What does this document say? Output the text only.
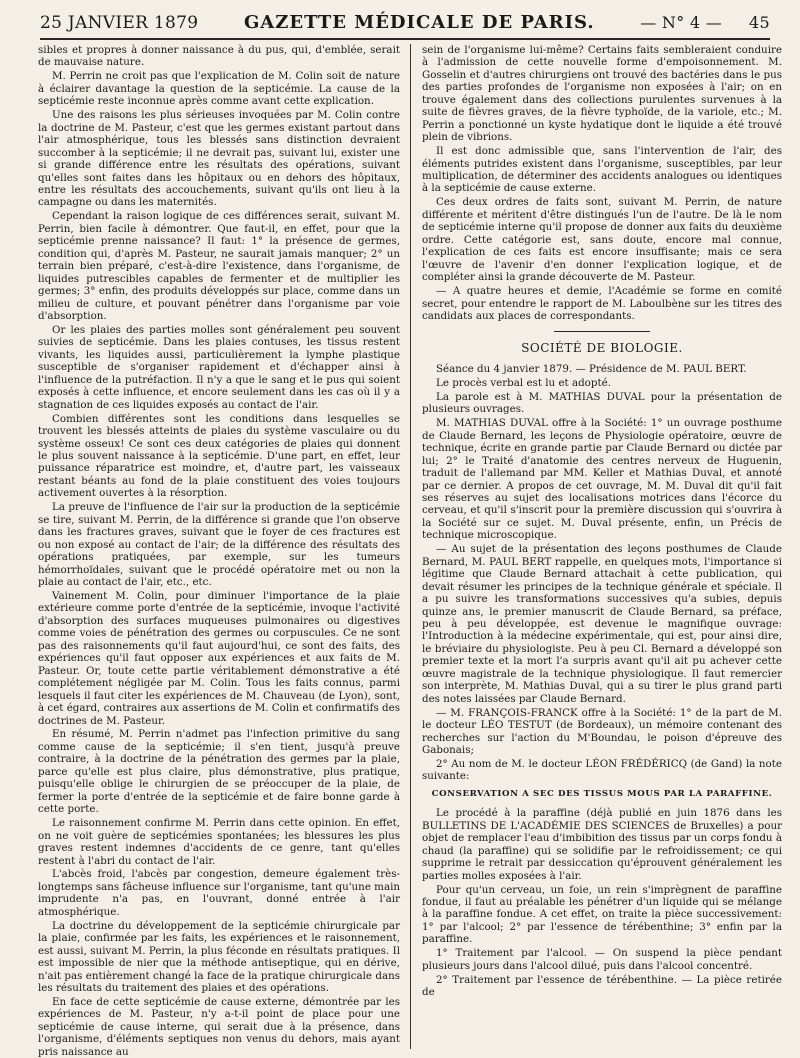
25 JANVIER 1879	GAZETTE MÉDICALE DE PARIS.	— N° 4 — 45

sibles et propres à donner naissance à du pus, qui, d'emblée, serait de mauvaise nature.

M. Perrin ne croit pas que l'explication de M. Colin soit de nature à éclairer davantage la question de la septicémie. La cause de la septicémie reste inconnue après comme avant cette explication.

Une des raisons les plus sérieuses invoquées par M. Colin contre la doctrine de M. Pasteur, c'est que les germes existant partout dans l'air atmosphérique, tous les blessés sans distinction devraient succomber à la septicémie; il ne devrait pas, suivant lui, exister une si grande différence entre les résultats des opérations, suivant qu'elles sont faites dans les hôpitaux ou en dehors des hôpitaux, entre les résultats des accouchements, suivant qu'ils ont lieu à la campagne ou dans les maternités.

Cependant la raison logique de ces différences serait, suivant M. Perrin, bien facile à démontrer. Que faut-il, en effet, pour que la septicémie prenne naissance? Il faut: 1° la présence de germes, condition qui, d'après M. Pasteur, ne saurait jamais manquer; 2° un terrain bien préparé, c'est-à-dire l'existence, dans l'organisme, de liquides putrescibles capables de fermenter et de multiplier les germes; 3° enfin, des produits développés sur place, comme dans un milieu de culture, et pouvant pénétrer dans l'organisme par voie d'absorption.

Or les plaies des parties molles sont généralement peu souvent suivies de septicémie. Dans les plaies contuses, les tissus restent vivants, les liquides aussi, particulièrement la lymphe plastique susceptible de s'organiser rapidement et d'échapper ainsi à l'influence de la putréfaction. Il n'y a que le sang et le pus qui soient exposés à cette influence, et encore seulement dans les cas où il y a stagnation de ces liquides exposés au contact de l'air.

Combien différentes sont les conditions dans lesquelles se trouvent les blessés atteints de plaies du système vasculaire ou du système osseux! Ce sont ces deux catégories de plaies qui donnent le plus souvent naissance à la septicémie. D'une part, en effet, leur puissance réparatrice est moindre, et, d'autre part, les vaisseaux restant béants au fond de la plaie constituent des voies toujours activement ouvertes à la résorption.

La preuve de l'influence de l'air sur la production de la septicémie se tire, suivant M. Perrin, de la différence si grande que l'on observe dans les fractures graves, suivant que le foyer de ces fractures est ou non exposé au contact de l'air; de la différence des résultats des opérations pratiquées, par exemple, sur les tumeurs hémorrhoïdales, suivant que le procédé opératoire met ou non la plaie au contact de l'air, etc., etc.

Vainement M. Colin, pour diminuer l'importance de la plaie extérieure comme porte d'entrée de la septicémie, invoque l'activité d'absorption des surfaces muqueuses pulmonaires ou digestives comme voies de pénétration des germes ou corpuscules. Ce ne sont pas des raisonnements qu'il faut aujourd'hui, ce sont des faits, des expériences qu'il faut opposer aux expériences et aux faits de M. Pasteur. Or, toute cette partie véritablement démonstrative a été complétement négligée par M. Colin. Tous les faits connus, parmi lesquels il faut citer les expériences de M. Chauveau (de Lyon), sont, à cet égard, contraires aux assertions de M. Colin et confirmatifs des doctrines de M. Pasteur.

En résumé, M. Perrin n'admet pas l'infection primitive du sang comme cause de la septicémie; il s'en tient, jusqu'à preuve contraire, à la doctrine de la pénétration des germes par la plaie, parce qu'elle est plus claire, plus démonstrative, plus pratique, puisqu'elle oblige le chirurgien de se préoccuper de la plaie, de fermer la porte d'entrée de la septicémie et de faire bonne garde à cette porte.

Le raisonnement confirme M. Perrin dans cette opinion. En effet, on ne voit guère de septicémies spontanées; les blessures les plus graves restent indemnes d'accidents de ce genre, tant qu'elles restent à l'abri du contact de l'air.

L'abcès froid, l'abcès par congestion, demeure également très-longtemps sans fâcheuse influence sur l'organisme, tant qu'une main imprudente n'a pas, en l'ouvrant, donné entrée à l'air atmosphérique.

La doctrine du développement de la septicémie chirurgicale par la plaie, confirmée par les faits, les expériences et le raisonnement, est aussi, suivant M. Perrin, la plus féconde en résultats pratiques. Il est impossible de nier que la méthode antiseptique, qui en dérive, n'ait pas entièrement changé la face de la pratique chirurgicale dans les résultats du traitement des plaies et des opérations.

En face de cette septicémie de cause externe, démontrée par les expériences de M. Pasteur, n'y a-t-il point de place pour une septicémie de cause interne, qui serait due à la présence, dans l'organisme, d'éléments septiques non venus du dehors, mais ayant pris naissance au

sein de l'organisme lui-même? Certains faits sembleraient conduire à l'admission de cette nouvelle forme d'empoisonnement. M. Gosselin et d'autres chirurgiens ont trouvé des bactéries dans le pus des parties profondes de l'organisme non exposées à l'air; on en trouve également dans des collections purulentes survenues à la suite de fièvres graves, de la fièvre typhoïde, de la variole, etc.; M. Perrin a ponctionné un kyste hydatique dont le liquide a été trouvé plein de vibrions.

Il est donc admissible que, sans l'intervention de l'air, des éléments putrides existent dans l'organisme, susceptibles, par leur multiplication, de déterminer des accidents analogues ou identiques à la septicémie de cause externe.

Ces deux ordres de faits sont, suivant M. Perrin, de nature différente et méritent d'être distingués l'un de l'autre. De là le nom de septicémie interne qu'il propose de donner aux faits du deuxième ordre. Cette catégorie est, sans doute, encore mal connue, l'explication de ces faits est encore insuffisante; mais ce sera l'œuvre de l'avenir d'en donner l'explication logique, et de compléter ainsi la grande découverte de M. Pasteur.

— A quatre heures et demie, l'Académie se forme en comité secret, pour entendre le rapport de M. Laboulbène sur les titres des candidats aux places de correspondants.

SOCIÉTÉ DE BIOLOGIE.

Séance du 4 janvier 1879. — Présidence de M. PAUL BERT.

Le procès verbal est lu et adopté.

La parole est à M. MATHIAS DUVAL pour la présentation de plusieurs ouvrages.

M. MATHIAS DUVAL offre à la Société: 1° un ouvrage posthume de Claude Bernard, les leçons de Physiologie opératoire, œuvre de technique, écrite en grande partie par Claude Bernard ou dictée par lui; 2° le Traité d'anatomie des centres nerveux de Huguenin, traduit de l'allemand par MM. Keller et Mathias Duval, et annoté par ce dernier. A propos de cet ouvrage, M. M. Duval dit qu'il fait ses réserves au sujet des localisations motrices dans l'écorce du cerveau, et qu'il s'inscrit pour la première discussion qui s'ouvrira à la Société sur ce sujet. M. Duval présente, enfin, un Précis de technique microscopique.

— Au sujet de la présentation des leçons posthumes de Claude Bernard, M. PAUL BERT rappelle, en quelques mots, l'importance si légitime que Claude Bernard attachait à cette publication, qui devait résumer les principes de la technique générale et spéciale. Il a pu suivre les transformations successives qu'a subies, depuis quinze ans, le premier manuscrit de Claude Bernard, sa préface, peu à peu développée, est devenue le magnifique ouvrage: l'Introduction à la médecine expérimentale, qui est, pour ainsi dire, le bréviaire du physiologiste. Peu à peu Cl. Bernard a développé son premier texte et la mort l'a surpris avant qu'il ait pu achever cette œuvre magistrale de la technique physiologique. Il faut remercier son interprète, M. Mathias Duval, qui a su tirer le plus grand parti des notes laissées par Claude Bernard.

— M. FRANÇOIS-FRANCK offre à la Société: 1° de la part de M. le docteur LÉO TESTUT (de Bordeaux), un mémoire contenant des recherches sur l'action du M'Boundau, le poison d'épreuve des Gabonais;

2° Au nom de M. le docteur LÉON FRÉDÉRICQ (de Gand) la note suivante:

CONSERVATION A SEC DES TISSUS MOUS PAR LA PARAFFINE.

Le procédé à la paraffine (déjà publié en juin 1876 dans les BULLETINS DE L'ACADÉMIE DES SCIENCES de Bruxelles) a pour objet de remplacer l'eau d'imbibition des tissus par un corps fondu à chaud (la paraffine) qui se solidifie par le refroidissement; ce qui supprime le retrait par dessiccation qu'éprouvent généralement les parties molles exposées à l'air.

Pour qu'un cerveau, un foie, un rein s'imprègnent de paraffine fondue, il faut au préalable les pénétrer d'un liquide qui se mélange à la paraffine fondue. A cet effet, on traite la pièce successivement: 1° par l'alcool; 2° par l'essence de térébenthine; 3° enfin par la paraffine.

1° Traitement par l'alcool. — On suspend la pièce pendant plusieurs jours dans l'alcool dilué, puis dans l'alcool concentré.

2° Traitement par l'essence de térébenthine. — La pièce retirée de
